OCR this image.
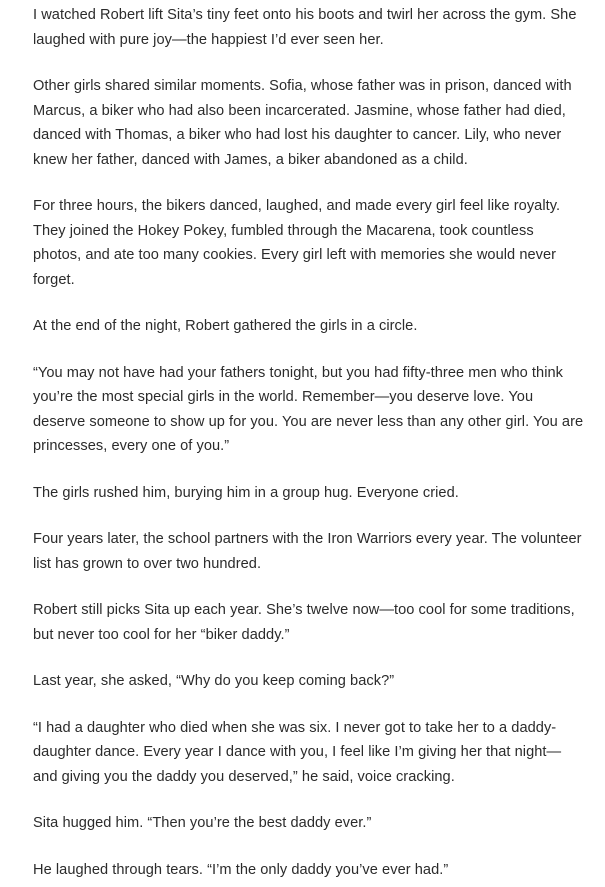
I watched Robert lift Sita’s tiny feet onto his boots and twirl her across the gym. She laughed with pure joy—the happiest I’d ever seen her.

Other girls shared similar moments. Sofia, whose father was in prison, danced with Marcus, a biker who had also been incarcerated. Jasmine, whose father had died, danced with Thomas, a biker who had lost his daughter to cancer. Lily, who never knew her father, danced with James, a biker abandoned as a child.

For three hours, the bikers danced, laughed, and made every girl feel like royalty. They joined the Hokey Pokey, fumbled through the Macarena, took countless photos, and ate too many cookies. Every girl left with memories she would never forget.

At the end of the night, Robert gathered the girls in a circle.

“You may not have had your fathers tonight, but you had fifty-three men who think you’re the most special girls in the world. Remember—you deserve love. You deserve someone to show up for you. You are never less than any other girl. You are princesses, every one of you.”

The girls rushed him, burying him in a group hug. Everyone cried.

Four years later, the school partners with the Iron Warriors every year. The volunteer list has grown to over two hundred.

Robert still picks Sita up each year. She’s twelve now—too cool for some traditions, but never too cool for her “biker daddy.”

Last year, she asked, “Why do you keep coming back?”

“I had a daughter who died when she was six. I never got to take her to a daddy-daughter dance. Every year I dance with you, I feel like I’m giving her that night—and giving you the daddy you deserved,” he said, voice cracking.

Sita hugged him. “Then you’re the best daddy ever.”

He laughed through tears. “I’m the only daddy you’ve ever had.”
